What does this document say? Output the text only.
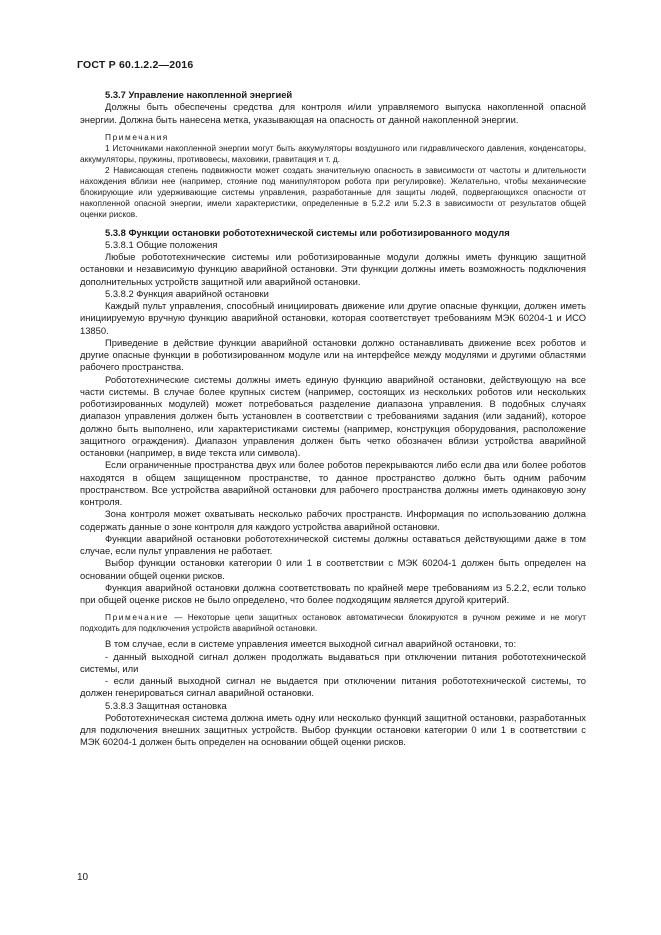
ГОСТ Р 60.1.2.2—2016

5.3.7 Управление накопленной энергией

Должны быть обеспечены средства для контроля и/или управляемого выпуска накопленной опасной энергии. Должна быть нанесена метка, указывающая на опасность от данной накопленной энергии.

Примечания

1 Источниками накопленной энергии могут быть аккумуляторы воздушного или гидравлического давления, конденсаторы, аккумуляторы, пружины, противовесы, маховики, гравитация и т. д.

2 Нависающая степень подвижности может создать значительную опасность в зависимости от частоты и длительности нахождения вблизи нее (например, стояние под манипулятором робота при регулировке). Желательно, чтобы механические блокирующие или удерживающие системы управления, разработанные для защиты людей, подвергающихся опасности от накопленной опасной энергии, имели характеристики, определенные в 5.2.2 или 5.2.3 в зависимости от результатов общей оценки рисков.

5.3.8 Функции остановки робототехнической системы или роботизированного модуля

5.3.8.1 Общие положения

Любые робототехнические системы или роботизированные модули должны иметь функцию защитной остановки и независимую функцию аварийной остановки. Эти функции должны иметь возможность подключения дополнительных устройств защитной или аварийной остановки.

5.3.8.2 Функция аварийной остановки

Каждый пульт управления, способный инициировать движение или другие опасные функции, должен иметь инициируемую вручную функцию аварийной остановки, которая соответствует требованиям МЭК 60204-1 и ИСО 13850.

Приведение в действие функции аварийной остановки должно останавливать движение всех роботов и другие опасные функции в роботизированном модуле или на интерфейсе между модулями и другими областями рабочего пространства.

Робототехнические системы должны иметь единую функцию аварийной остановки, действующую на все части системы. В случае более крупных систем (например, состоящих из нескольких роботов или нескольких роботизированных модулей) может потребоваться разделение диапазона управления. В подобных случаях диапазон управления должен быть установлен в соответствии с требованиями задания (или заданий), которое должно быть выполнено, или характеристиками системы (например, конструкция оборудования, расположение защитного ограждения). Диапазон управления должен быть четко обозначен вблизи устройства аварийной остановки (например, в виде текста или символа).

Если ограниченные пространства двух или более роботов перекрываются либо если два или более роботов находятся в общем защищенном пространстве, то данное пространство должно быть одним рабочим пространством. Все устройства аварийной остановки для рабочего пространства должны иметь одинаковую зону контроля.

Зона контроля может охватывать несколько рабочих пространств. Информация по использованию должна содержать данные о зоне контроля для каждого устройства аварийной остановки.

Функции аварийной остановки робототехнической системы должны оставаться действующими даже в том случае, если пульт управления не работает.

Выбор функции остановки категории 0 или 1 в соответствии с МЭК 60204-1 должен быть определен на основании общей оценки рисков.

Функция аварийной остановки должна соответствовать по крайней мере требованиям из 5.2.2, если только при общей оценке рисков не было определено, что более подходящим является другой критерий.

Примечание — Некоторые цепи защитных остановок автоматически блокируются в ручном режиме и не могут подходить для подключения устройств аварийной остановки.

В том случае, если в системе управления имеется выходной сигнал аварийной остановки, то:

- данный выходной сигнал должен продолжать выдаваться при отключении питания робототехнической системы, или

- если данный выходной сигнал не выдается при отключении питания робототехнической системы, то должен генерироваться сигнал аварийной остановки.

5.3.8.3 Защитная остановка

Робототехническая система должна иметь одну или несколько функций защитной остановки, разработанных для подключения внешних защитных устройств. Выбор функции остановки категории 0 или 1 в соответствии с МЭК 60204-1 должен быть определен на основании общей оценки рисков.

10
